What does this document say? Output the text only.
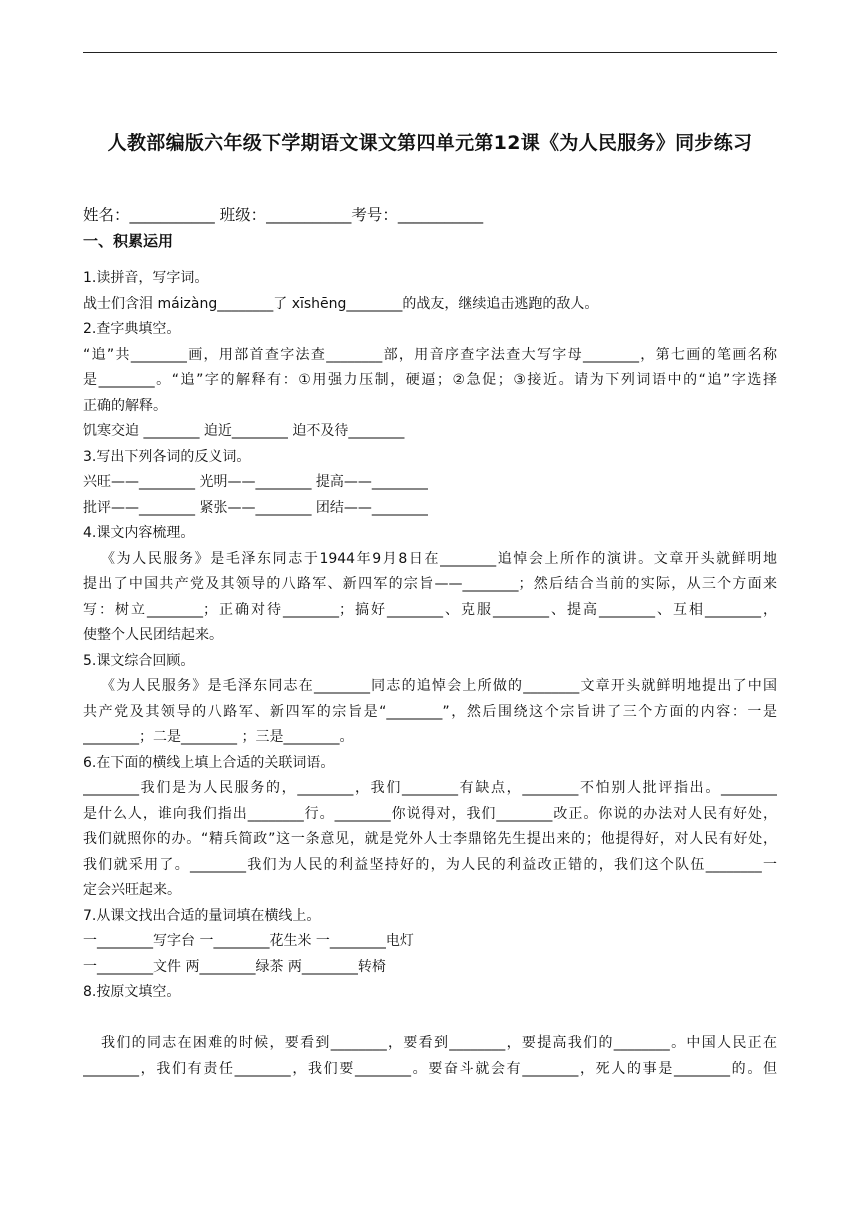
人教部编版六年级下学期语文课文第四单元第12课《为人民服务》同步练习
姓名：___________ 班级：___________考号：___________
一、积累运用
1.读拼音，写字词。
战士们含泪 máizàng________了 xīshēng________的战友，继续追击逃跑的敌人。
2.查字典填空。
“追”共________画，用部首查字法查________部，用音序查字法查大写字母________，第七画的笔画名称
是________。“追”字的解释有：①用强力压制，硬逼；②急促；③接近。请为下列词语中的“追”字选择
正确的解释。
饥寒交迫 ________ 迫近________ 迫不及待________
3.写出下列各词的反义词。
兴旺——________ 光明——________ 提高——________
批评——________ 紧张——________ 团结——________
4.课文内容梳理。
《为人民服务》是毛泽东同志于1944年9月8日在________追悼会上所作的演讲。文章开头就鲜明地
提出了中国共产党及其领导的八路军、新四军的宗旨——________；然后结合当前的实际，从三个方面来
写：树立________；正确对待________；搞好________、克服________、提高________、互相________，
使整个人民团结起来。
5.课文综合回顾。
《为人民服务》是毛泽东同志在________同志的追悼会上所做的________文章开头就鲜明地提出了中国
共产党及其领导的八路军、新四军的宗旨是“________”，然后围绕这个宗旨讲了三个方面的内容：一是
________；二是________ ；三是________。
6.在下面的横线上填上合适的关联词语。
________我们是为人民服务的，________，我们________有缺点，________不怕别人批评指出。________
是什么人，谁向我们指出________行。________你说得对，我们________改正。你说的办法对人民有好处，
我们就照你的办。“精兵简政”这一条意见，就是党外人士李鼎铭先生提出来的；他提得好，对人民有好处，
我们就采用了。________我们为人民的利益坚持好的，为人民的利益改正错的，我们这个队伍________一
定会兴旺起来。
7.从课文找出合适的量词填在横线上。
一________写字台 一________花生米 一________电灯
一________文件 两________绿茶 两________转椅
8.按原文填空。
我们的同志在困难的时候，要看到________，要看到________，要提高我们的________。中国人民正在
________，我们有责任________，我们要________。要奋斗就会有________，死人的事是________的。但
